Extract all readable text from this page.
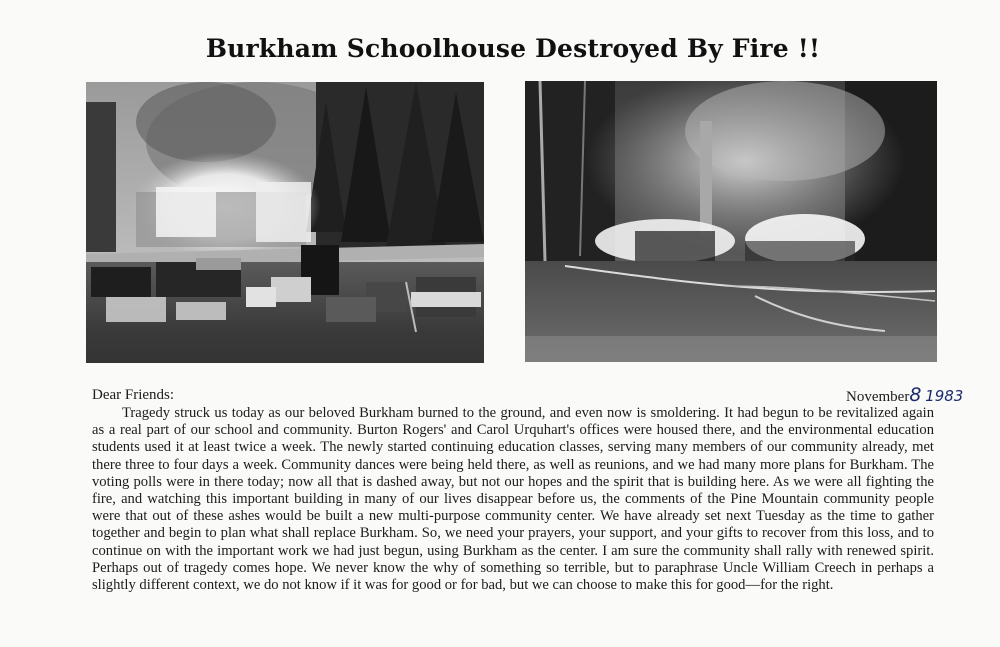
Burkham Schoolhouse Destroyed By Fire !!
Dear Friends:	November8 1983
Tragedy struck us today as our beloved Burkham burned to the ground, and even now is smoldering. It had begun to be revitalized again as a real part of our school and community. Burton Rogers' and Carol Urquhart's offices were housed there, and the environmental education students used it at least twice a week. The newly started continuing education classes, serving many members of our community already, met there three to four days a week. Community dances were being held there, as well as reunions, and we had many more plans for Burkham. The voting polls were in there today; now all that is dashed away, but not our hopes and the spirit that is building here. As we were all fighting the fire, and watching this important building in many of our lives disappear before us, the comments of the Pine Mountain community people were that out of these ashes would be built a new multi-purpose community center. We have already set next Tuesday as the time to gather together and begin to plan what shall replace Burkham. So, we need your prayers, your support, and your gifts to recover from this loss, and to continue on with the important work we had just begun, using Burkham as the center. I am sure the community shall rally with renewed spirit. Perhaps out of tragedy comes hope. We never know the why of something so terrible, but to paraphrase Uncle William Creech in perhaps a slightly different context, we do not know if it was for good or for bad, but we can choose to make this for good—for the right.
